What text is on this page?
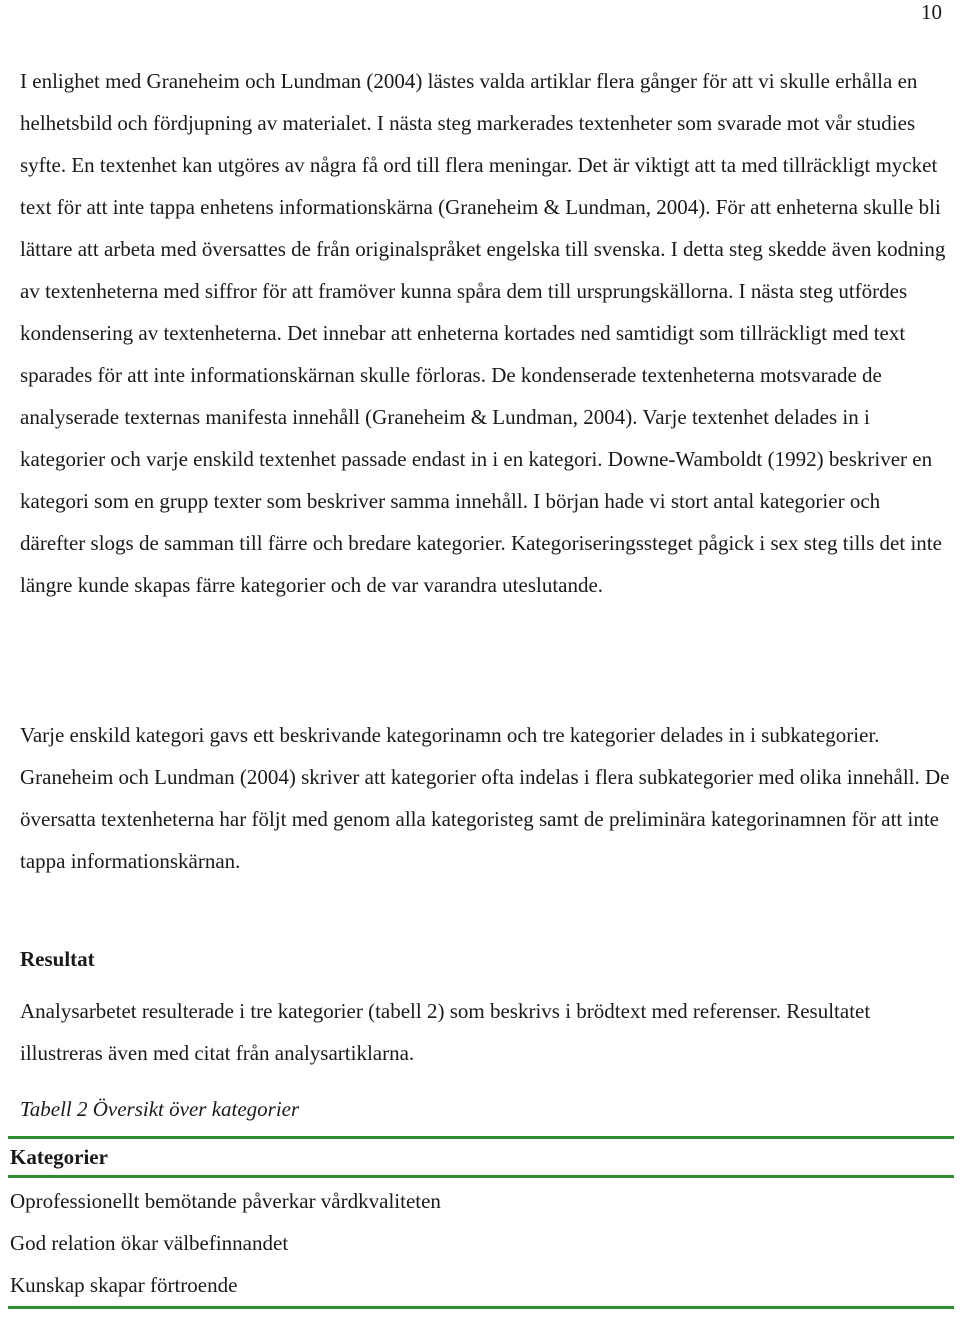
10

I enlighet med Graneheim och Lundman (2004) lästes valda artiklar flera gånger för att vi skulle erhålla en helhetsbild och fördjupning av materialet. I nästa steg markerades textenheter som svarade mot vår studies syfte. En textenhet kan utgöres av några få ord till flera meningar. Det är viktigt att ta med tillräckligt mycket text för att inte tappa enhetens informationskärna (Graneheim & Lundman, 2004). För att enheterna skulle bli lättare att arbeta med översattes de från originalspråket engelska till svenska. I detta steg skedde även kodning av textenheterna med siffror för att framöver kunna spåra dem till ursprungskällorna. I nästa steg utfördes kondensering av textenheterna. Det innebar att enheterna kortades ned samtidigt som tillräckligt med text sparades för att inte informationskärnan skulle förloras. De kondenserade textenheterna motsvarade de analyserade texternas manifesta innehåll (Graneheim & Lundman, 2004). Varje textenhet delades in i kategorier och varje enskild textenhet passade endast in i en kategori. Downe-Wamboldt (1992) beskriver en kategori som en grupp texter som beskriver samma innehåll. I början hade vi stort antal kategorier och därefter slogs de samman till färre och bredare kategorier. Kategoriseringssteget pågick i sex steg tills det inte längre kunde skapas färre kategorier och de var varandra uteslutande.

Varje enskild kategori gavs ett beskrivande kategorinamn och tre kategorier delades in i subkategorier. Graneheim och Lundman (2004) skriver att kategorier ofta indelas i flera subkategorier med olika innehåll. De översatta textenheterna har följt med genom alla kategoristeg samt de preliminära kategorinamnen för att inte tappa informationskärnan.

Resultat

Analysarbetet resulterade i tre kategorier (tabell 2) som beskrivs i brödtext med referenser. Resultatet illustreras även med citat från analysartiklarna.

Tabell 2 Översikt över kategorier

Kategorier
Oprofessionellt bemötande påverkar vårdkvaliteten
God relation ökar välbefinnandet
Kunskap skapar förtroende
